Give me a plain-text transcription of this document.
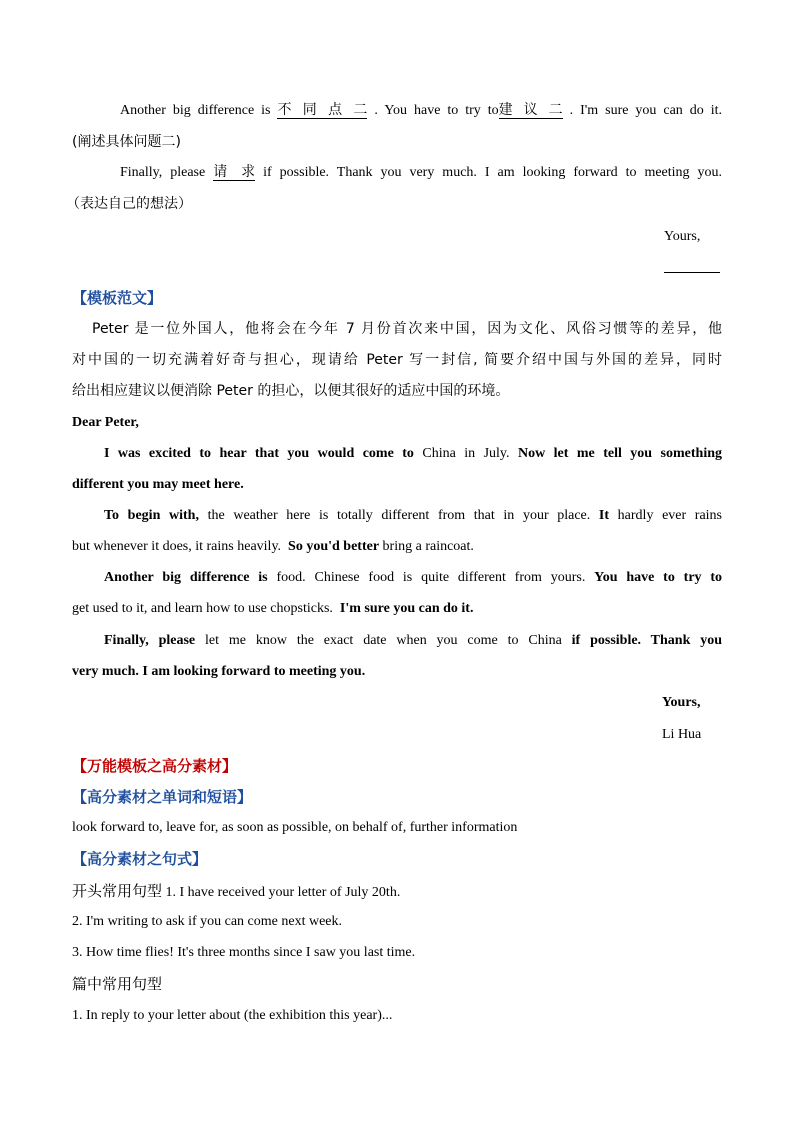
Another big difference is 不同点二 . You have to try to建议二 . I'm sure you can do it.
(阐述具体问题二)
Finally, please 请求 if possible. Thank you very much. I am looking forward to meeting you.
（表达自己的想法）
Yours,
【模板范文】
Peter 是一位外国人，他将会在今年 7 月份首次来中国，因为文化、风俗习惯等的差异，他
对中国的一切充满着好奇与担心，现请给 Peter 写一封信, 简要介绍中国与外国的差异，同时
给出相应建议以便消除 Peter 的担心，以便其很好的适应中国的环境。
Dear Peter,
I was excited to hear that you would come to China in July. Now let me tell you something
different you may meet here.
To begin with, the weather here is totally different from that in your place. It hardly ever rains
but whenever it does, it rains heavily. So you'd better bring a raincoat.
Another big difference is food. Chinese food is quite different from yours. You have to try to
get used to it, and learn how to use chopsticks. I'm sure you can do it.
Finally, please let me know the exact date when you come to China if possible. Thank you
very much. I am looking forward to meeting you.
Yours,
Li Hua
【万能模板之高分素材】
【高分素材之单词和短语】
look forward to, leave for, as soon as possible, on behalf of, further information
【高分素材之句式】
开头常用句型 1. I have received your letter of July 20th.
2. I'm writing to ask if you can come next week.
3. How time flies! It's three months since I saw you last time.
篇中常用句型
1. In reply to your letter about (the exhibition this year)...
